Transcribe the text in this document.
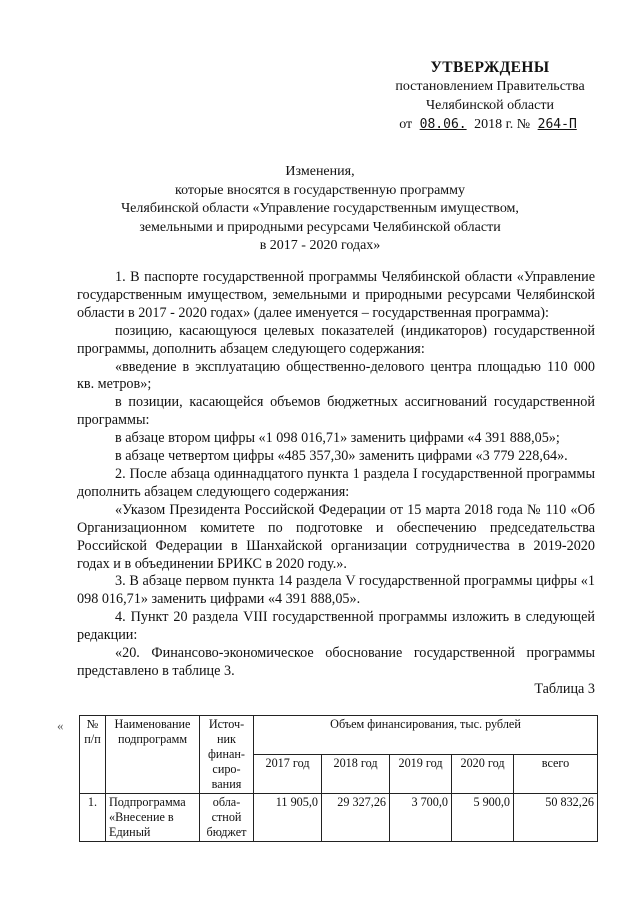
УТВЕРЖДЕНЫ
постановлением Правительства
Челябинской области
от 08.06. 2018 г. № 264-П
Изменения,
которые вносятся в государственную программу
Челябинской области «Управление государственным имуществом,
земельными и природными ресурсами Челябинской области
в 2017 - 2020 годах»

1. В паспорте государственной программы Челябинской области «Управление государственным имуществом, земельными и природными ресурсами Челябинской области в 2017 - 2020 годах» (далее именуется – государственная программа):

позицию, касающуюся целевых показателей (индикаторов) государственной программы, дополнить абзацем следующего содержания:

«введение в эксплуатацию общественно-делового центра площадью 110 000 кв. метров»;

в позиции, касающейся объемов бюджетных ассигнований государственной программы:

в абзаце втором цифры «1 098 016,71» заменить цифрами «4 391 888,05»;

в абзаце четвертом цифры «485 357,30» заменить цифрами «3 779 228,64».

2. После абзаца одиннадцатого пункта 1 раздела I государственной программы дополнить абзацем следующего содержания:

«Указом Президента Российской Федерации от 15 марта 2018 года № 110 «Об Организационном комитете по подготовке и обеспечению председательства Российской Федерации в Шанхайской организации сотрудничества в 2019-2020 годах и в объединении БРИКС в 2020 году.».

3. В абзаце первом пункта 14 раздела V государственной программы цифры «1 098 016,71» заменить цифрами «4 391 888,05».

4. Пункт 20 раздела VIII государственной программы изложить в следующей редакции:

«20. Финансово-экономическое обоснование государственной программы представлено в таблице 3.

Таблица 3

« № п/п	Наименование подпрограмм	Источ- ник финан- сиро- вания	Объем финансирования, тыс. рублей				
			2017 год	2018 год	2019 год	2020 год	всего
1.	Подпрограмма «Внесение в Единый	обла- стной бюджет	11 905,0	29 327,26	3 700,0	5 900,0	50 832,26
